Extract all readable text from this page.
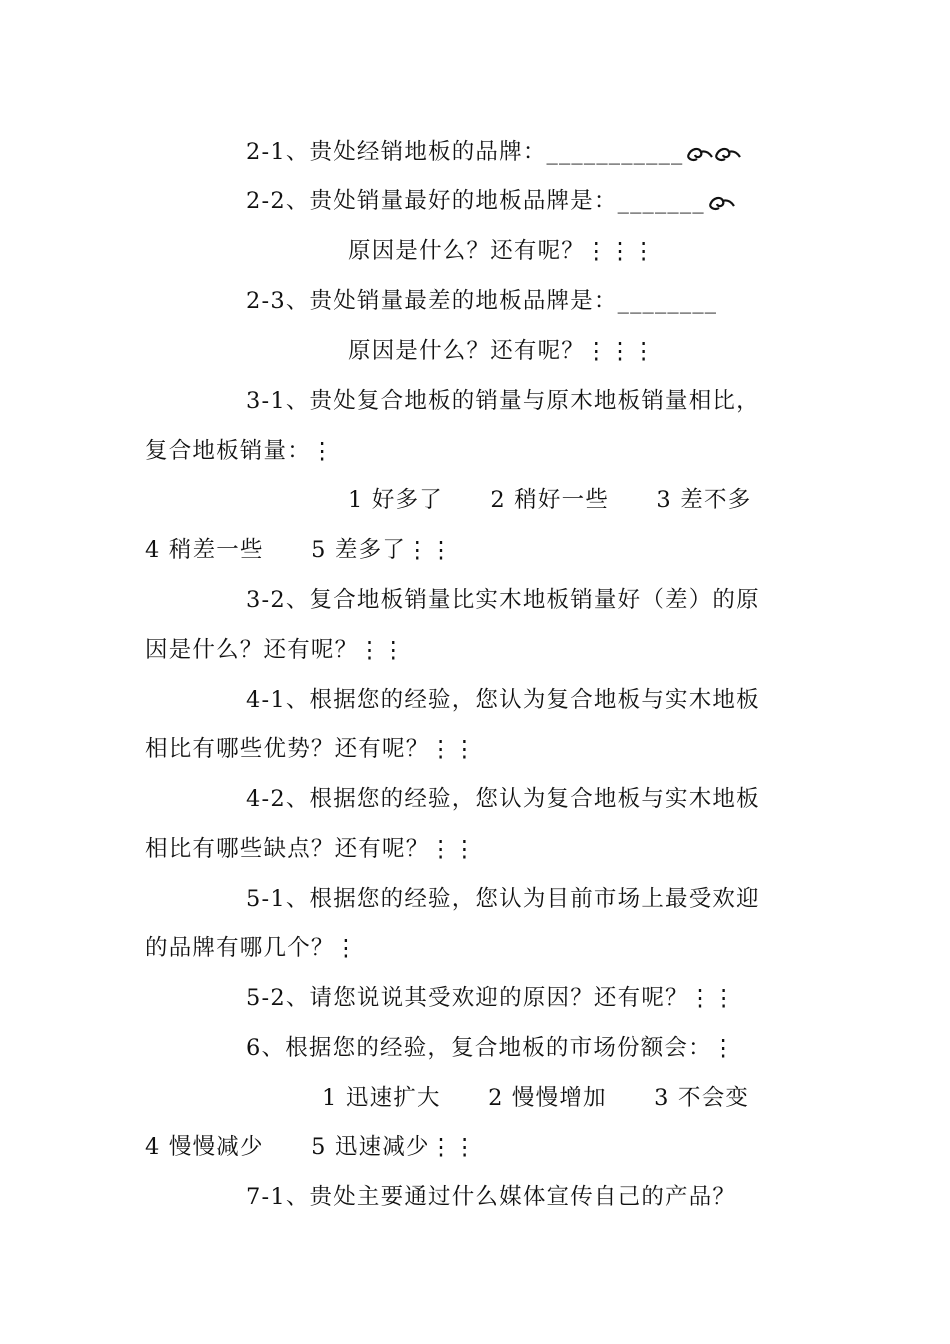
2-1、贵处经销地板的品牌：___________
2-2、贵处销量最好的地板品牌是：_______
原因是什么？还有呢？⋮⋮⋮
2-3、贵处销量最差的地板品牌是：________
原因是什么？还有呢？⋮⋮⋮
3-1、贵处复合地板的销量与原木地板销量相比，
复合地板销量：⋮
1 好多了　　2 稍好一些　　3 差不多
4 稍差一些　　5 差多了⋮⋮
3-2、复合地板销量比实木地板销量好（差）的原
因是什么？还有呢？⋮⋮
4-1、根据您的经验，您认为复合地板与实木地板
相比有哪些优势？还有呢？⋮⋮
4-2、根据您的经验，您认为复合地板与实木地板
相比有哪些缺点？还有呢？⋮⋮
5-1、根据您的经验，您认为目前市场上最受欢迎
的品牌有哪几个？⋮
5-2、请您说说其受欢迎的原因？还有呢？⋮⋮
6、根据您的经验，复合地板的市场份额会：⋮
1 迅速扩大　　2 慢慢增加　　3 不会变
4 慢慢减少　　5 迅速减少⋮⋮
7-1、贵处主要通过什么媒体宣传自己的产品？
